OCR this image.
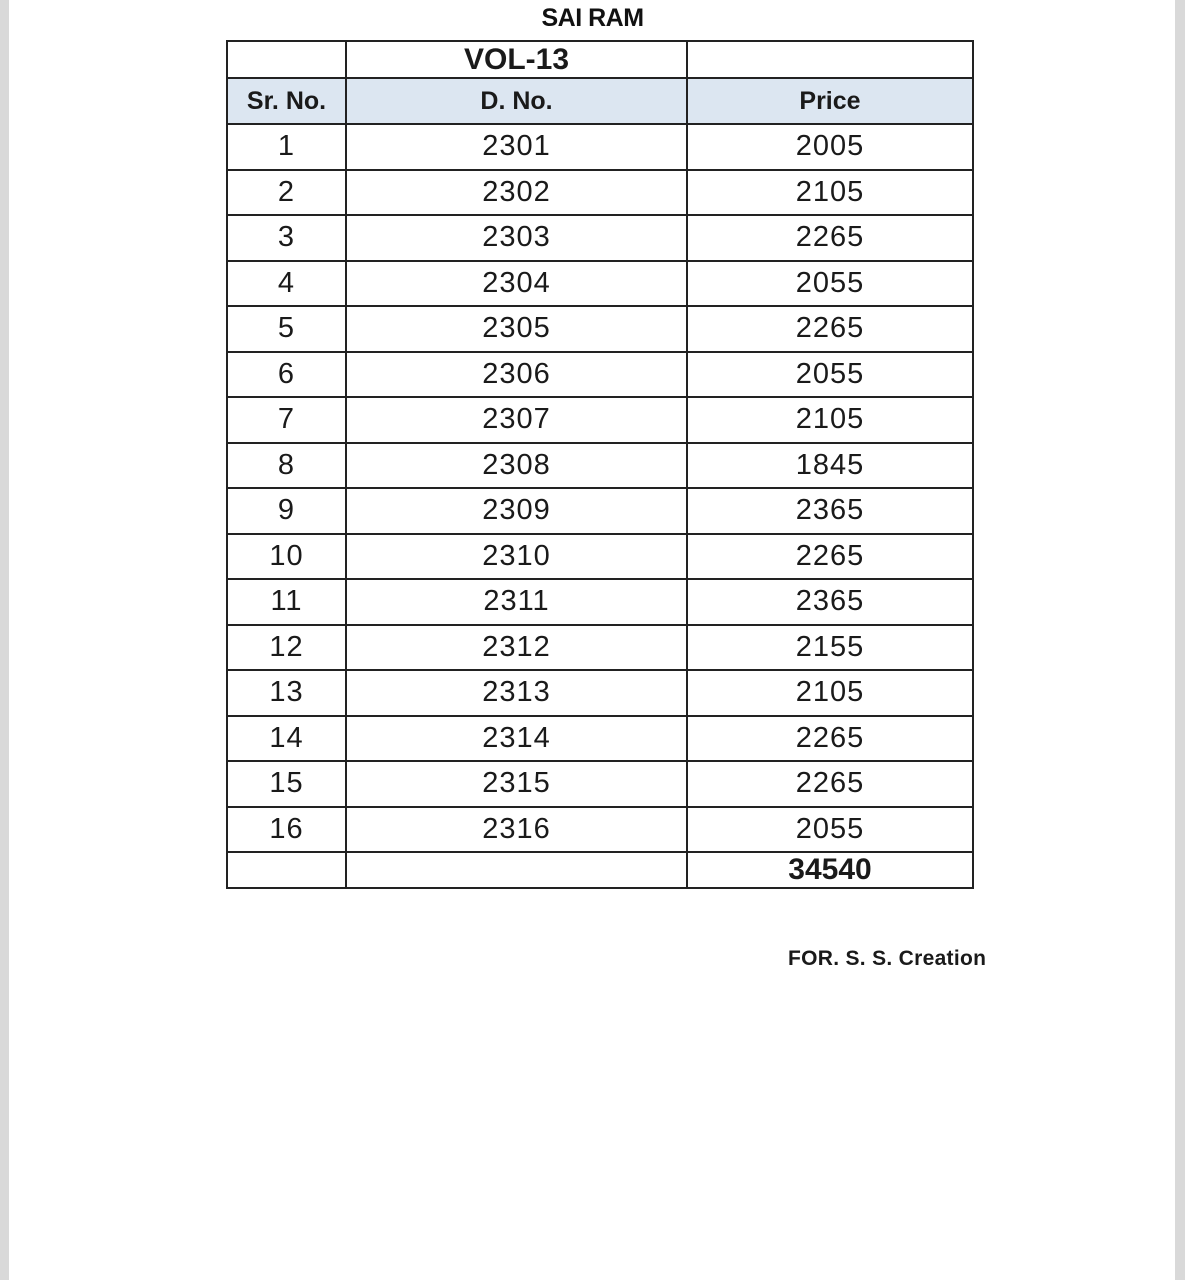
SAI RAM
	VOL-13	
Sr. No.	D. No.	Price
1	2301	2005
2	2302	2105
3	2303	2265
4	2304	2055
5	2305	2265
6	2306	2055
7	2307	2105
8	2308	1845
9	2309	2365
10	2310	2265
11	2311	2365
12	2312	2155
13	2313	2105
14	2314	2265
15	2315	2265
16	2316	2055
		34540
FOR. S. S. Creation
